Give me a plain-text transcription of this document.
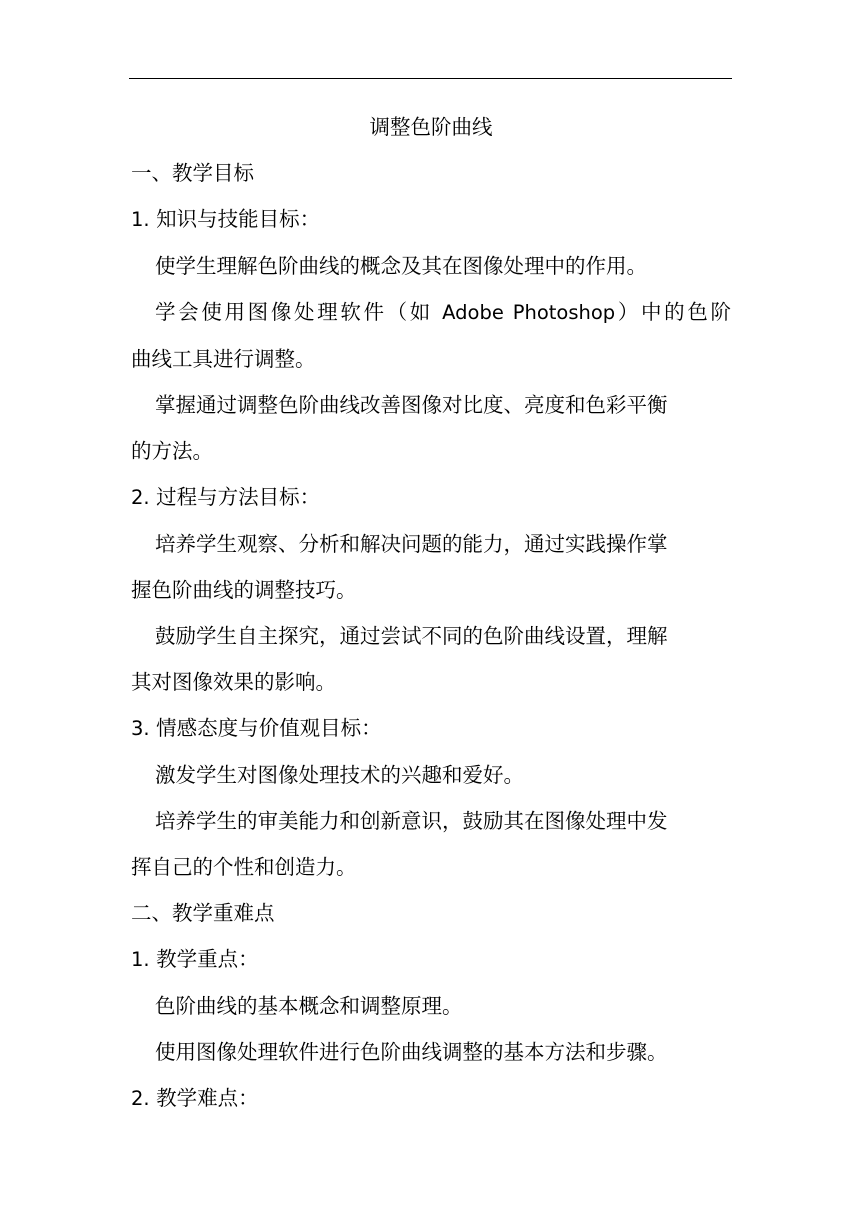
调整色阶曲线
一、教学目标
1. 知识与技能目标：
使学生理解色阶曲线的概念及其在图像处理中的作用。
学会使用图像处理软件（如 Adobe Photoshop）中的色阶
曲线工具进行调整。
掌握通过调整色阶曲线改善图像对比度、亮度和色彩平衡
的方法。
2. 过程与方法目标：
培养学生观察、分析和解决问题的能力，通过实践操作掌
握色阶曲线的调整技巧。
鼓励学生自主探究，通过尝试不同的色阶曲线设置，理解
其对图像效果的影响。
3. 情感态度与价值观目标：
激发学生对图像处理技术的兴趣和爱好。
培养学生的审美能力和创新意识，鼓励其在图像处理中发
挥自己的个性和创造力。
二、教学重难点
1. 教学重点：
色阶曲线的基本概念和调整原理。
使用图像处理软件进行色阶曲线调整的基本方法和步骤。
2. 教学难点：
